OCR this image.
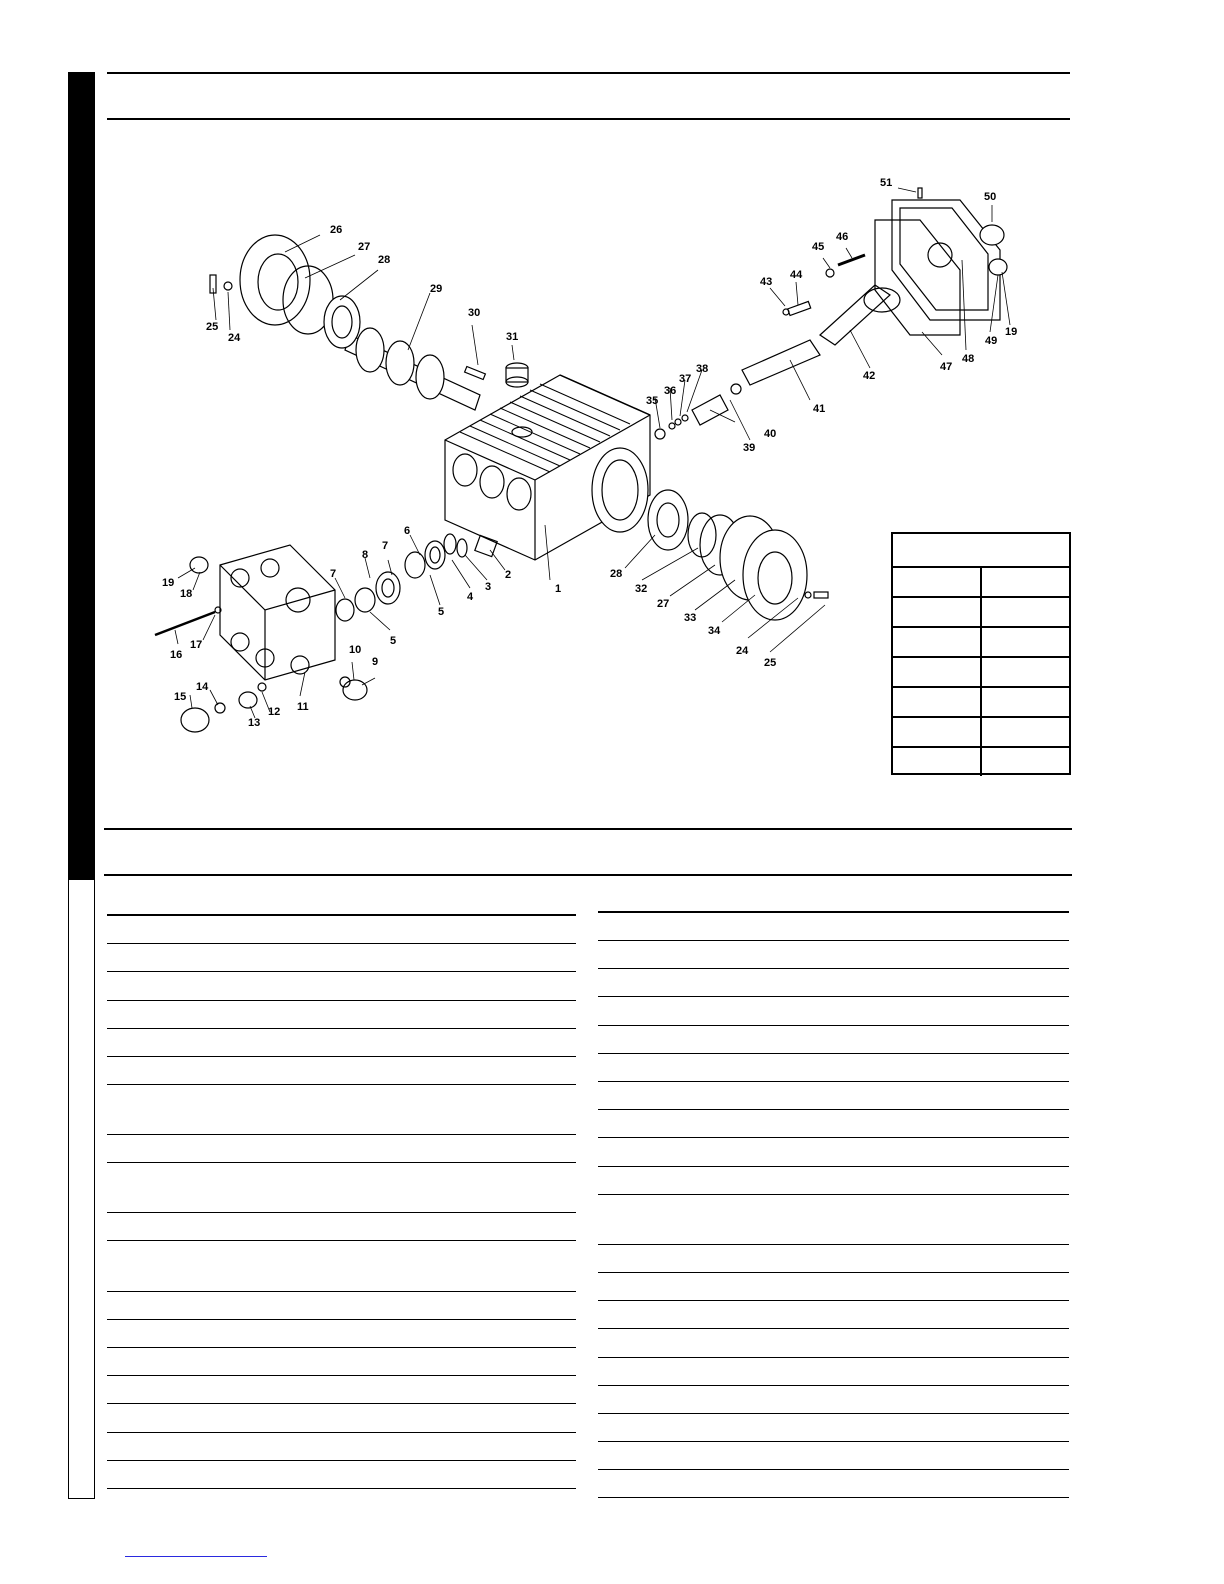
1
2
3
4
5
5
6
8
7
7
9
10
11
12
13
14
15
16
17
18
19
19
24
24
25
25
26
27
27
28
28
29
30
31
32
33
34
35
36
37
38
39
40
41
42
43
44
45
46
47
48
49
50
51
